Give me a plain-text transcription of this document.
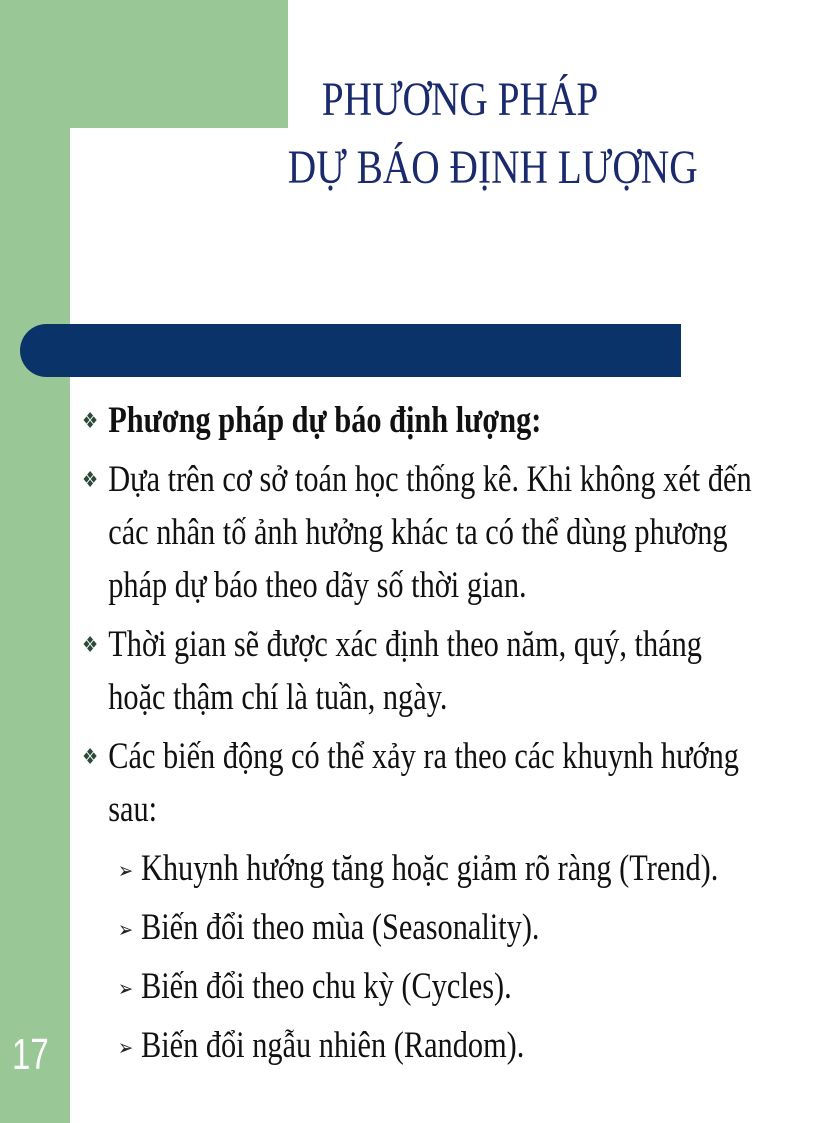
PHƯƠNG PHÁP
DỰ BÁO ĐỊNH LƯỢNG
❖ Phương pháp dự báo định lượng:
❖ Dựa trên cơ sở toán học thống kê. Khi không xét đến các nhân tố ảnh hưởng khác ta có thể dùng phương pháp dự báo theo dãy số thời gian.
❖ Thời gian sẽ được xác định theo năm, quý, tháng hoặc thậm chí là tuần, ngày.
❖ Các biến động có thể xảy ra theo các khuynh hướng sau:
➢ Khuynh hướng tăng hoặc giảm rõ ràng (Trend).
➢ Biến đổi theo mùa (Seasonality).
➢ Biến đổi theo chu kỳ (Cycles).
➢ Biến đổi ngẫu nhiên (Random).
17
